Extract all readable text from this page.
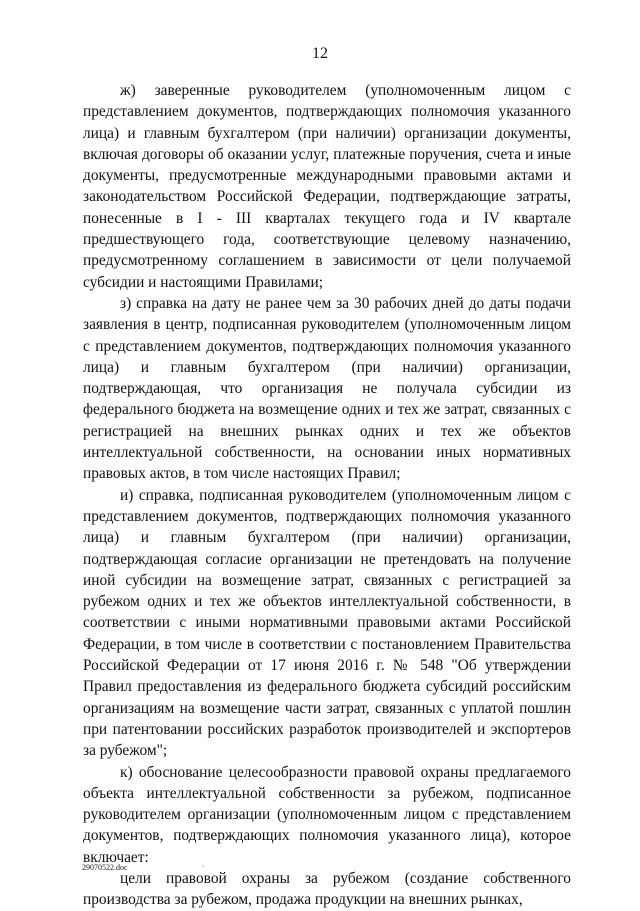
12

ж) заверенные руководителем (уполномоченным лицом с представлением документов, подтверждающих полномочия указанного лица) и главным бухгалтером (при наличии) организации документы, включая договоры об оказании услуг, платежные поручения, счета и иные документы, предусмотренные международными правовыми актами и законодательством Российской Федерации, подтверждающие затраты, понесенные в I - III кварталах текущего года и IV квартале предшествующего года, соответствующие целевому назначению, предусмотренному соглашением в зависимости от цели получаемой субсидии и настоящими Правилами;

з) справка на дату не ранее чем за 30 рабочих дней до даты подачи заявления в центр, подписанная руководителем (уполномоченным лицом с представлением документов, подтверждающих полномочия указанного лица) и главным бухгалтером (при наличии) организации, подтверждающая, что организация не получала субсидии из федерального бюджета на возмещение одних и тех же затрат, связанных с регистрацией на внешних рынках одних и тех же объектов интеллектуальной собственности, на основании иных нормативных правовых актов, в том числе настоящих Правил;

и) справка, подписанная руководителем (уполномоченным лицом с представлением документов, подтверждающих полномочия указанного лица) и главным бухгалтером (при наличии) организации, подтверждающая согласие организации не претендовать на получение иной субсидии на возмещение затрат, связанных с регистрацией за рубежом одних и тех же объектов интеллектуальной собственности, в соответствии с иными нормативными правовыми актами Российской Федерации, в том числе в соответствии с постановлением Правительства Российской Федерации от 17 июня 2016 г. № 548 "Об утверждении Правил предоставления из федерального бюджета субсидий российским организациям на возмещение части затрат, связанных с уплатой пошлин при патентовании российских разработок производителей и экспортеров за рубежом";

к) обоснование целесообразности правовой охраны предлагаемого объекта интеллектуальной собственности за рубежом, подписанное руководителем организации (уполномоченным лицом с представлением документов, подтверждающих полномочия указанного лица), которое включает:

цели правовой охраны за рубежом (создание собственного производства за рубежом, продажа продукции на внешних рынках,

29070522.doc	·
